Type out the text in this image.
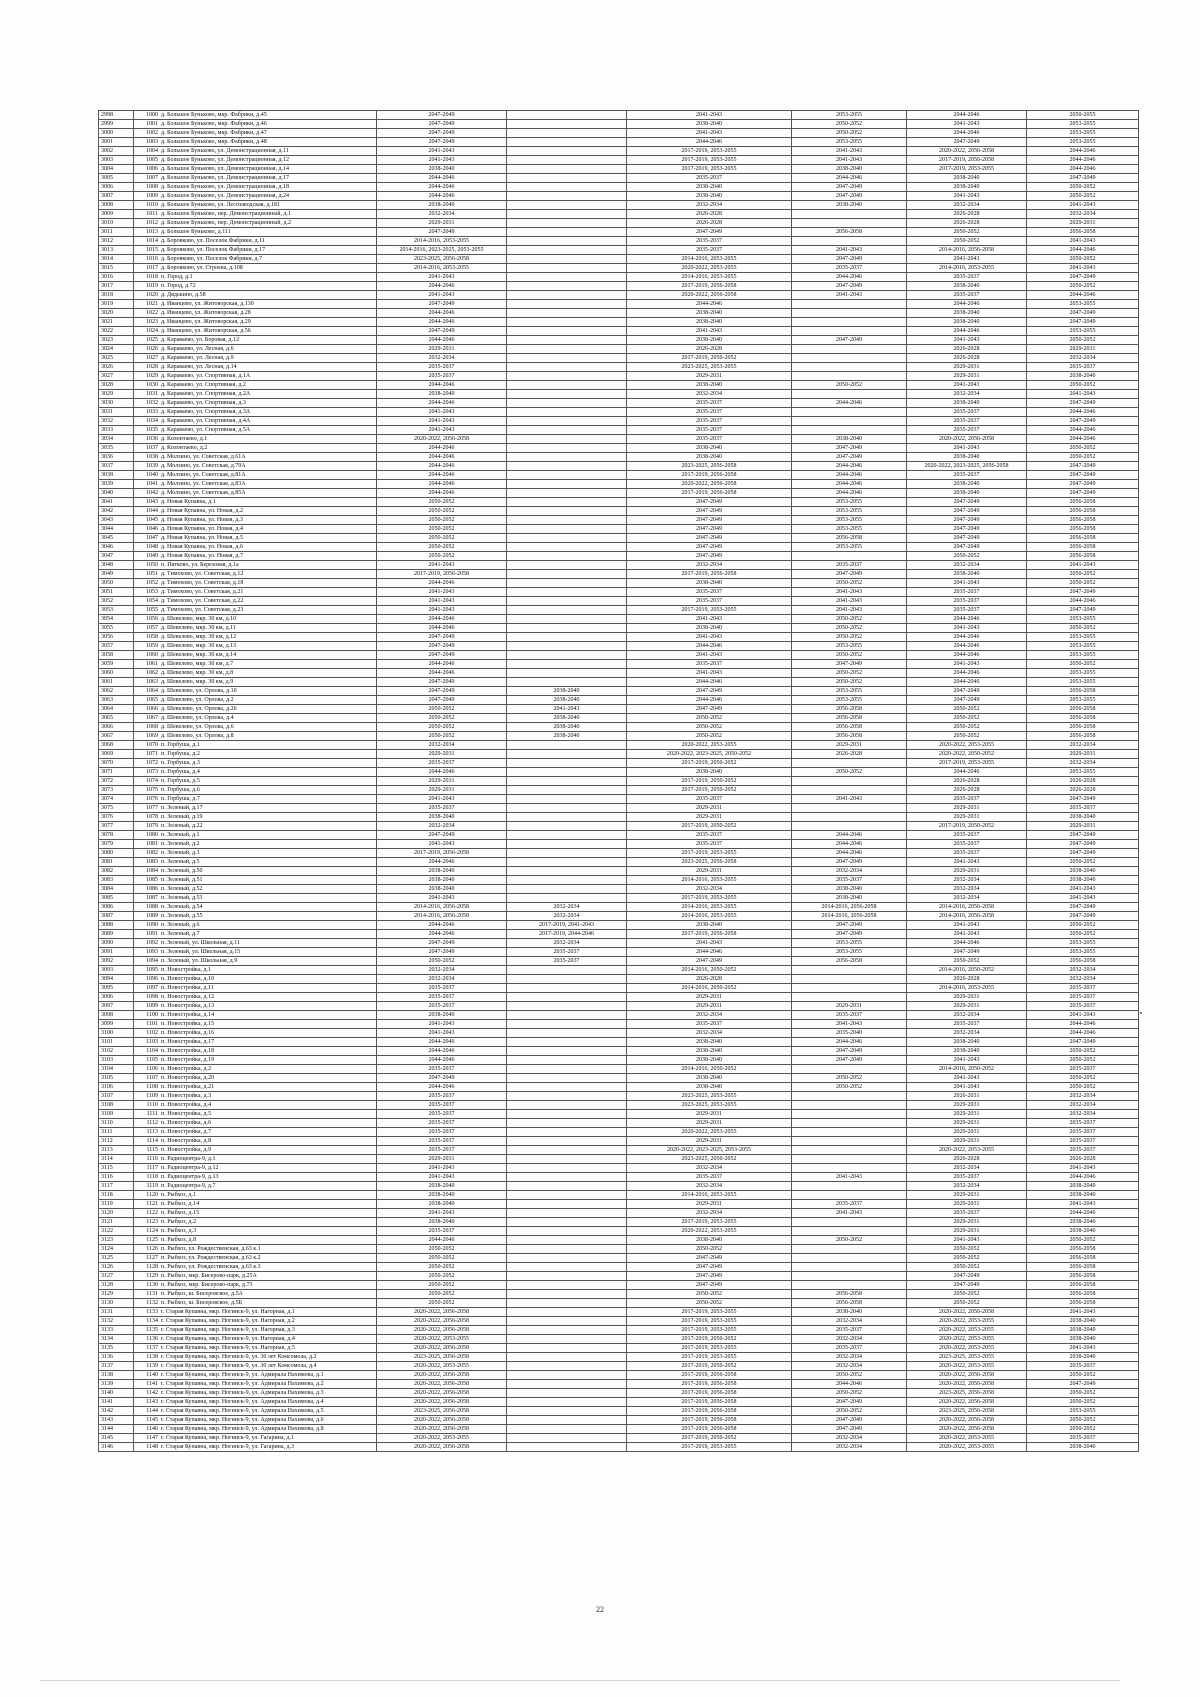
2998	1000 д. Большое Буньково, мкр. Фабрики, д.45	2047-2049		2041-2043	2053-2055	2044-2046	2050-2055
2999	1001 д. Большое Буньково, мкр. Фабрики, д.46	2047-2049		2038-2040	2050-2052	2041-2043	2053-2055
3000	1002 д. Большое Буньково, мкр. Фабрики, д.47	2047-2049		2041-2043	2050-2052	2044-2046	2053-2055
3001	1003 д. Большое Буньково, мкр. Фабрики, д.48	2047-2049		2044-2046	2053-2055	2047-2049	2053-2055
3002	1004 д. Большое Буньково, ул. Демонстрационная, д.11	2041-2043		2017-2019, 2053-2055	2041-2043	2020-2022, 2056-2058	2044-2046
3003	1005 д. Большое Буньково, ул. Демонстрационная, д.12	2041-2043		2017-2019, 2053-2055	2041-2043	2017-2019, 2056-2058	2044-2046
3004	1006 д. Большое Буньково, ул. Демонстрационная, д.14	2038-2040		2017-2019, 2053-2055	2038-2040	2017-2019, 2053-2055	2044-2046
3005	1007 д. Большое Буньково, ул. Демонстрационная, д.17	2044-2046		2035-2037	2044-2046	2038-2040	2047-2049
3006	1008 д. Большое Буньково, ул. Демонстрационная, д.18	2044-2046		2038-2040	2047-2049	2038-2040	2050-2052
3007	1009 д. Большое Буньково, ул. Демонстрационная, д.24	2044-2046		2038-2040	2047-2049	2041-2043	2050-2052
3008	1010 д. Большое Буньково, ул. Лесозаводская, д.181	2038-2040		2032-2034	2038-2040	2032-2034	2041-2043
3009	1011 д. Большое Буньково, пер. Демонстрационный, д.1	2032-2034		2026-2028		2026-2028	2032-2034
3010	1012 д. Большое Буньково, пер. Демонстрационный, д.2	2029-2031		2026-2028		2026-2028	2029-2031
3011	1013 д. Большое Буньково, д.111	2047-2049		2047-2049	2056-2058	2050-2052	2056-2058
3012	1014 д. Боровково, ул. Поселок Фабрики, д.11	2014-2016, 2053-2055		2035-2037		2050-2052	2041-2043
3013	1015 д. Боровково, ул. Поселок Фабрики, д.17	2014-2016, 2023-2025, 2053-2055		2035-2037	2041-2043	2014-2016, 2056-2058	2044-2046
3014	1016 д. Боровково, ул. Поселок Фабрики, д.7	2023-2025, 2056-2058		2014-2016, 2053-2055	2047-2049	2041-2043	2050-2052
3015	1017 д. Боровково, ул. Строева, д.108	2014-2016, 2053-2055		2020-2022, 2053-2055	2035-2037	2014-2016, 2053-2055	2041-2043
3016	1018 п. Город, д.1	2041-2043		2014-2016, 2053-2055	2044-2046	2035-2037	2047-2049
3017	1019 п. Город, д.72	2044-2046		2017-2019, 2056-2058	2047-2049	2038-2040	2050-2052
3018	1020 д. Дядькино, д.58	2041-2043		2020-2022, 2056-2058	2041-2043	2035-2037	2044-2046
3019	1021 д. Иванцево, ул. Житоворская, д.130	2047-2049		2044-2046		2044-2046	2053-2055
3020	1022 д. Иванцево, ул. Житоворская, д.28	2044-2046		2038-2040		2038-2040	2047-2049
3021	1023 д. Иванцево, ул. Житоворская, д.29	2044-2046		2038-2040		2038-2040	2047-2049
3022	1024 д. Иванцево, ул. Житоворская, д.56	2047-2049		2041-2043		2044-2046	2053-2055
3023	1025 д. Караваево, ул. Боровая, д.12	2044-2046		2038-2040	2047-2049	2041-2043	2050-2052
3024	1026 д. Караваево, ул. Лесная, д.6	2029-2031		2026-2028		2026-2028	2029-2031
3025	1027 д. Караваево, ул. Лесная, д.9	2032-2034		2017-2019, 2050-2052		2026-2028	2032-2034
3026	1028 д. Караваево, ул. Лесная, д.14	2035-2037		2023-2025, 2053-2055		2029-2031	2035-2037
3027	1029 д. Караваево, ул. Спортивная, д.1А	2035-2037		2029-2031		2029-2031	2038-2040
3028	1030 д. Караваево, ул. Спортивная, д.2	2044-2046		2038-2040	2050-2052	2041-2043	2050-2052
3029	1031 д. Караваево, ул. Спортивная, д.2А	2038-2040		2032-2034		2032-2034	2041-2043
3030	1032 д. Караваево, ул. Спортивная, д.3	2044-2046		2035-2037	2044-2046	2038-2040	2047-2049
3031	1033 д. Караваево, ул. Спортивная, д.3А	2041-2043		2035-2037		2035-2037	2044-2046
3032	1034 д. Караваево, ул. Спортивная, д.4А	2041-2043		2035-2037		2035-2037	2047-2049
3033	1035 д. Караваево, ул. Спортивная, д.5А	2041-2043		2035-2037		2035-2037	2044-2046
3034	1036 д. Колонтаево, д.1	2020-2022, 2056-2058		2035-2037	2038-2040	2020-2022, 2056-2058	2044-2046
3035	1037 д. Колонтаево, д.2	2044-2046		2038-2040	2047-2049	2041-2043	2050-2052
3036	1038 д. Молзино, ул. Советская, д.61А	2044-2046		2038-2040	2047-2049	2038-2040	2050-2052
3037	1039 д. Молзино, ул. Советская, д.79А	2044-2046		2023-2025, 2056-2058	2044-2046	2020-2022, 2023-2025, 2056-2058	2047-2049
3038	1040 д. Молзино, ул. Советская, д.81А	2044-2046		2017-2019, 2056-2058	2044-2046	2035-2037	2047-2049
3039	1041 д. Молзино, ул. Советская, д.83А	2044-2046		2020-2022, 2056-2058	2044-2046	2038-2040	2047-2049
3040	1042 д. Молзино, ул. Советская, д.85А	2044-2046		2017-2019, 2056-2058	2044-2046	2038-2040	2047-2049
3041	1043 д. Новая Купавна, д.1	2050-2052		2047-2049	2053-2055	2047-2049	2056-2058
3042	1044 д. Новая Купавна, ул. Новая, д.2	2050-2052		2047-2049	2053-2055	2047-2049	2056-2058
3043	1045 д. Новая Купавна, ул. Новая, д.3	2050-2052		2047-2049	2053-2055	2047-2049	2056-2058
3044	1046 д. Новая Купавна, ул. Новая, д.4	2050-2052		2047-2049	2053-2055	2047-2049	2056-2058
3045	1047 д. Новая Купавна, ул. Новая, д.5	2050-2052		2047-2049	2056-2058	2047-2049	2056-2058
3046	1048 д. Новая Купавна, ул. Новая, д.6	2050-2052		2047-2049	2053-2055	2047-2049	2056-2058
3047	1049 д. Новая Купавна, ул. Новая, д.7	2050-2052		2047-2049		2050-2052	2056-2058
3048	1050 п. Пятково, ул. Березовая, д.1а	2041-2043		2032-2034	2035-2037	2032-2034	2041-2043
3049	1051 д. Тимохово, ул. Советская, д.12	2017-2019, 2056-2058		2017-2019, 2056-2058	2047-2049	2038-2040	2050-2052
3050	1052 д. Тимохово, ул. Советская, д.18	2044-2046		2038-2040	2050-2052	2041-2043	2050-2052
3051	1053 д. Тимохово, ул. Советская, д.21	2041-2043		2035-2037	2041-2043	2035-2037	2047-2049
3052	1054 д. Тимохово, ул. Советская, д.22	2041-2043		2035-2037	2041-2043	2035-2037	2044-2046
3053	1055 д. Тимохово, ул. Советская, д.23	2041-2043		2017-2019, 2053-2055	2041-2043	2035-2037	2047-2049
3054	1056 д. Шевелево, мкр. 30 км, д.10	2044-2046		2041-2043	2050-2052	2044-2046	2053-2055
3055	1057 д. Шевелево, мкр. 30 км, д.11	2044-2046		2038-2040	2050-2052	2041-2043	2050-2052
3056	1058 д. Шевелево, мкр. 30 км, д.12	2047-2049		2041-2043	2050-2052	2044-2046	2053-2055
3057	1059 д. Шевелево, мкр. 30 км, д.13	2047-2049		2044-2046	2053-2055	2044-2046	2053-2055
3058	1060 д. Шевелево, мкр. 30 км, д.14	2047-2049		2041-2043	2050-2052	2044-2046	2053-2055
3059	1061 д. Шевелево, мкр. 30 км, д.7	2044-2046		2035-2037	2047-2049	2041-2043	2050-2052
3060	1062 д. Шевелево, мкр. 30 км, д.8	2044-2046		2041-2043	2050-2052	2044-2046	2053-2055
3061	1063 д. Шевелево, мкр. 30 км, д.9	2047-2049		2044-2046	2050-2052	2044-2046	2053-2055
3062	1064 д. Шевелево, ул. Орлова, д.10	2047-2049	2038-2040	2047-2049	2053-2055	2047-2049	2056-2058
3063	1065 д. Шевелево, ул. Орлова, д.2	2047-2049	2038-2040	2044-2046	2053-2055	2047-2049	2053-2055
3064	1066 д. Шевелево, ул. Орлова, д.26	2050-2052	2041-2043	2047-2049	2056-2058	2050-2052	2056-2058
3065	1067 д. Шевелево, ул. Орлова, д.4	2050-2052	2038-2040	2050-2052	2056-2058	2050-2052	2056-2058
3066	1068 д. Шевелево, ул. Орлова, д.6	2050-2052	2038-2040	2050-2052	2056-2058	2050-2052	2056-2058
3067	1069 д. Шевелево, ул. Орлова, д.8	2050-2052	2038-2040	2050-2052	2056-2058	2050-2052	2056-2058
3068	1070 п. Горбуша, д.1	2032-2034		2020-2022, 2053-2055	2029-2031	2020-2022, 2053-2055	2032-2034
3069	1071 п. Горбуша, д.2	2029-2031		2020-2022, 2023-2025, 2050-2052	2026-2028	2020-2022, 2050-2052	2029-2031
3070	1072 п. Горбуша, д.3	2035-2037		2017-2019, 2050-2052		2017-2019, 2053-2055	2032-2034
3071	1073 п. Горбуша, д.4	2044-2046		2038-2040	2050-2052	2044-2046	2053-2055
3072	1074 п. Горбуша, д.5	2029-2031		2017-2019, 2050-2052		2026-2028	2026-2028
3073	1075 п. Горбуша, д.6	2029-2031		2017-2019, 2050-2052		2026-2028	2026-2028
3074	1076 п. Горбуша, д.7	2041-2043		2035-2037	2041-2043	2035-2037	2047-2049
3075	1077 п. Зеленый, д.17	2035-2037		2029-2031		2029-2031	2035-2037
3076	1078 п. Зеленый, д.19	2038-2040		2029-2031		2029-2031	2038-2040
3077	1079 п. Зеленый, д.22	2032-2034		2017-2019, 2050-2052		2017-2019, 2050-2052	2029-2031
3078	1080 п. Зеленый, д.1	2047-2049		2035-2037	2044-2046	2035-2037	2047-2049
3079	1081 п. Зеленый, д.2	2041-2043		2035-2037	2044-2046	2035-2037	2047-2049
3080	1082 п. Зеленый, д.3	2017-2019, 2056-2058		2017-2019, 2053-2055	2044-2046	2035-2037	2047-2049
3081	1083 п. Зеленый, д.5	2044-2046		2023-2025, 2056-2058	2047-2049	2041-2043	2050-2052
3082	1084 п. Зеленый, д.50	2038-2040		2029-2031	2032-2034	2029-2031	2038-2040
3083	1085 п. Зеленый, д.51	2038-2040		2014-2016, 2053-2055	2035-2037	2032-2034	2038-2040
3084	1086 п. Зеленый, д.52	2038-2040		2032-2034	2038-2040	2032-2034	2041-2043
3085	1087 п. Зеленый, д.53	2041-2043		2017-2019, 2053-2055	2038-2040	2032-2034	2041-2043
3086	1088 п. Зеленый, д.54	2014-2016, 2056-2058	2032-2034	2014-2016, 2053-2055	2014-2016, 2056-2058	2014-2016, 2056-2058	2047-2049
3087	1089 п. Зеленый, д.55	2014-2016, 2056-2058	2032-2034	2014-2016, 2053-2055	2014-2016, 2056-2058	2014-2016, 2056-2058	2047-2049
3088	1090 п. Зеленый, д.6	2044-2046	2017-2019, 2041-2043	2038-2040	2047-2049	2041-2043	2050-2052
3089	1091 п. Зеленый, д.7	2044-2046	2017-2019, 2044-2046	2017-2019, 2056-2058	2047-2049	2041-2043	2050-2052
3090	1092 п. Зеленый, ул. Школьная, д.11	2047-2049	2032-2034	2041-2043	2053-2055	2044-2046	2053-2055
3091	1093 п. Зеленый, ул. Школьная, д.15	2047-2049	2035-2037	2044-2046	2053-2055	2047-2049	2053-2055
3092	1094 п. Зеленый, ул. Школьная, д.9	2050-2052	2035-2037	2047-2049	2056-2058	2050-2052	2056-2058
3093	1095 п. Новостройка, д.1	2032-2034		2014-2016, 2050-2052		2014-2016, 2050-2052	2032-2034
3094	1096 п. Новостройка, д.10	2032-2034		2026-2028		2026-2028	2032-2034
3095	1097 п. Новостройка, д.11	2035-2037		2014-2016, 2050-2052		2014-2016, 2053-2055	2035-2037
3096	1098 п. Новостройка, д.12	2035-2037		2029-2031		2029-2031	2035-2037
3097	1099 п. Новостройка, д.13	2035-2037		2029-2031	2029-2031	2029-2031	2035-2037
3098	1100 п. Новостройка, д.14	2038-2040		2032-2034	2035-2037	2032-2034	2041-2043
3099	1101 п. Новостройка, д.15	2041-2043		2035-2037	2041-2043	2035-2037	2044-2046
3100	1102 п. Новостройка, д.16	2041-2043		2032-2034	2035-2040	2032-2034	2044-2046
3101	1103 п. Новостройка, д.17	2044-2046		2038-2040	2044-2046	2038-2040	2047-2049
3102	1104 п. Новостройка, д.18	2044-2046		2038-2040	2047-2049	2038-2040	2050-2052
3103	1105 п. Новостройка, д.19	2044-2046		2038-2040	2047-2049	2041-2043	2050-2052
3104	1106 п. Новостройка, д.2	2035-2037		2014-2016, 2050-2052		2014-2016, 2050-2052	2035-2037
3105	1107 п. Новостройка, д.20	2047-2049		2038-2040	2050-2052	2041-2043	2050-2052
3106	1108 п. Новостройка, д.21	2044-2046		2038-2040	2050-2052	2041-2043	2050-2052
3107	1109 п. Новостройка, д.3	2035-2037		2023-2025, 2053-2055		2026-2031	2032-2034
3108	1110 п. Новостройка, д.4	2035-2037		2023-2025, 2053-2055		2029-2031	2032-2034
3109	1111 п. Новостройка, д.5	2035-2037		2029-2031		2029-2031	2032-2034
3110	1112 п. Новостройка, д.6	2035-2037		2029-2031		2029-2031	2035-2037
3111	1113 п. Новостройка, д.7	2035-2037		2020-2022, 2053-2055		2029-2031	2035-2037
3112	1114 п. Новостройка, д.8	2035-2037		2029-2031		2029-2031	2035-2037
3113	1115 п. Новостройка, д.9	2035-2037		2020-2022, 2023-2025, 2053-2055		2020-2022, 2053-2055	2035-2037
3114	1116 п. Радиоцентра-9, д.1	2029-2031		2023-2025, 2050-2052		2026-2028	2026-2028
3115	1117 п. Радиоцентра-9, д.12	2041-2043		2032-2034		2032-2034	2041-2043
3116	1118 п. Радиоцентра-9, д.13	2041-2043		2035-2037	2041-2043	2035-2037	2044-2046
3117	1119 п. Радиоцентра-9, д.7	2038-2040		2032-2034		2032-2034	2038-2040
3118	1120 п. Рыбхоз, д.1	2038-2040		2014-2016, 2053-2055		2029-2031	2038-2040
3119	1121 п. Рыбхоз, д.14	2038-2040		2029-2031	2035-2037	2029-2031	2041-2043
3120	1122 п. Рыбхоз, д.15	2041-2043		2032-2034	2041-2043	2035-2037	2044-2046
3121	1123 п. Рыбхоз, д.2	2038-2040		2017-2019, 2053-2055		2029-2031	2038-2040
3122	1124 п. Рыбхоз, д.3	2035-2037		2020-2022, 2053-2055		2029-2031	2038-2040
3123	1125 п. Рыбхоз, д.8	2044-2046		2038-2040	2050-2052	2041-2043	2050-2052
3124	1126 п. Рыбхоз, ул. Рождественская, д.63 к.1	2050-2052		2050-2052		2050-2052	2056-2058
3125	1127 п. Рыбхоз, ул. Рождественская, д.63 к.2	2050-2052		2047-2049		2050-2052	2056-2058
3126	1128 п. Рыбхоз, ул. Рождественская, д.63 к.3	2050-2052		2047-2049		2050-2052	2056-2058
3127	1129 п. Рыбхоз, мкр. Бисерово-парк, д.25А	2050-2052		2047-2049		2047-2049	2056-2058
3128	1130 п. Рыбхоз, мкр. Бисерово-парк, д.73	2050-2052		2047-2049		2047-2049	2056-2058
3129	1131 п. Рыбхоз, ш. Бисеровское, д.5А	2050-2052		2050-2052	2056-2058	2050-2052	2056-2058
3130	1132 п. Рыбхоз, ш. Бисеровское, д.5Б	2050-2052		2050-2052	2056-2058	2050-2052	2056-2058
3131	1133 г. Старая Купавна, мкр. Ногинск-9, ул. Нагорная, д.1	2020-2022, 2056-2058		2017-2019, 2053-2055	2038-2040	2020-2022, 2056-2058	2041-2043
3132	1134 г. Старая Купавна, мкр. Ногинск-9, ул. Нагорная, д.2	2020-2022, 2056-2058		2017-2019, 2053-2055	2032-2034	2020-2022, 2053-2055	2038-2040
3133	1135 г. Старая Купавна, мкр. Ногинск-9, ул. Нагорная, д.3	2020-2022, 2056-2058		2017-2019, 2053-2055	2035-2037	2020-2022, 2053-2055	2038-2040
3134	1136 г. Старая Купавна, мкр. Ногинск-9, ул. Нагорная, д.4	2020-2022, 2053-2055		2017-2019, 2050-2052	2032-2034	2020-2022, 2053-2055	2038-2040
3135	1137 г. Старая Купавна, мкр. Ногинск-9, ул. Нагорная, д.5	2020-2022, 2056-2058		2017-2019, 2053-2055	2035-2037	2020-2022, 2053-2055	2041-2043
3136	1138 г. Старая Купавна, мкр. Ногинск-9, ул. 30 лет Комсомола, д.2	2023-2025, 2056-2058		2017-2019, 2053-2055	2032-2034	2023-2025, 2053-2055	2038-2040
3137	1139 г. Старая Купавна, мкр. Ногинск-9, ул. 30 лет Комсомола, д.4	2020-2022, 2053-2055		2017-2019, 2050-2052	2032-2034	2020-2022, 2053-2055	2035-2037
3138	1140 г. Старая Купавна, мкр. Ногинск-9, ул. Адмирала Нахимова, д.1	2020-2022, 2056-2058		2017-2019, 2056-2058	2050-2052	2020-2022, 2056-2058	2050-2052
3139	1141 г. Старая Купавна, мкр. Ногинск-9, ул. Адмирала Нахимова, д.2	2020-2022, 2056-2058		2017-2019, 2056-2058	2044-2046	2020-2022, 2056-2058	2047-2049
3140	1142 г. Старая Купавна, мкр. Ногинск-9, ул. Адмирала Нахимова, д.3	2020-2022, 2056-2058		2017-2019, 2056-2058	2050-2052	2023-2025, 2056-2058	2050-2052
3141	1143 г. Старая Купавна, мкр. Ногинск-9, ул. Адмирала Нахимова, д.4	2020-2022, 2056-2058		2017-2019, 2056-2058	2047-2049	2020-2022, 2056-2058	2050-2052
3142	1144 г. Старая Купавна, мкр. Ногинск-9, ул. Адмирала Нахимова, д.5	2023-2025, 2056-2058		2017-2019, 2056-2058	2050-2052	2023-2025, 2056-2058	2053-2055
3143	1145 г. Старая Купавна, мкр. Ногинск-9, ул. Адмирала Нахимова, д.6	2020-2022, 2056-2058		2017-2019, 2056-2058	2047-2049	2020-2022, 2056-2058	2050-2052
3144	1146 г. Старая Купавна, мкр. Ногинск-9, ул. Адмирала Нахимова, д.8	2020-2022, 2056-2058		2017-2019, 2056-2058	2047-2049	2020-2022, 2056-2058	2050-2052
3145	1147 г. Старая Купавна, мкр. Ногинск-9, ул. Гагарина, д.1	2020-2022, 2053-2055		2017-2019, 2050-2052	2032-2034	2020-2022, 2053-2055	2035-2037
3146	1148 г. Старая Купавна, мкр. Ногинск-9, ул. Гагарина, д.3	2020-2022, 2056-2058		2017-2019, 2053-2055	2032-2034	2020-2022, 2053-2055	2038-2040
22
